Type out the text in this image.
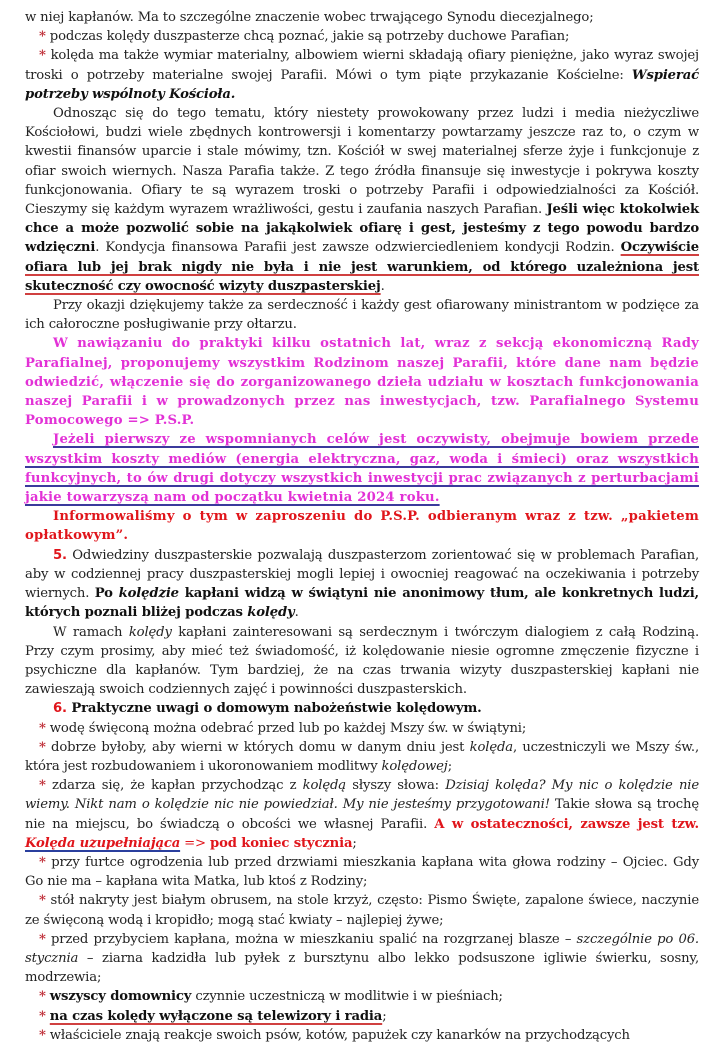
w niej kapłanów. Ma to szczególne znaczenie wobec trwającego Synodu diecezjalnego;

* podczas kolędy duszpasterze chcą poznać, jakie są potrzeby duchowe Parafian;

* kolęda ma także wymiar materialny, albowiem wierni składają ofiary pieniężne, jako wyraz swojej troski o potrzeby materialne swojej Parafii. Mówi o tym piąte przykazanie Kościelne: Wspierać potrzeby wspólnoty Kościoła.

Odnosząc się do tego tematu, który niestety prowokowany przez ludzi i media nieżyczliwe Kościołowi, budzi wiele zbędnych kontrowersji i komentarzy powtarzamy jeszcze raz to, o czym w kwestii finansów uparcie i stale mówimy, tzn. Kościół w swej materialnej sferze żyje i funkcjonuje z ofiar swoich wiernych. Nasza Parafia także. Z tego źródła finansuje się inwestycje i pokrywa koszty funkcjonowania. Ofiary te są wyrazem troski o potrzeby Parafii i odpowiedzialności za Kościół. Cieszymy się każdym wyrazem wrażliwości, gestu i zaufania naszych Parafian. Jeśli więc ktokolwiek chce a może pozwolić sobie na jakąkolwiek ofiarę i gest, jesteśmy z tego powodu bardzo wdzięczni. Kondycja finansowa Parafii jest zawsze odzwierciedleniem kondycji Rodzin. Oczywiście ofiara lub jej brak nigdy nie była i nie jest warunkiem, od którego uzależniona jest skuteczność czy owocność wizyty duszpasterskiej.

Przy okazji dziękujemy także za serdeczność i każdy gest ofiarowany ministrantom w podzięce za ich całoroczne posługiwanie przy ołtarzu.

W nawiązaniu do praktyki kilku ostatnich lat, wraz z sekcją ekonomiczną Rady Parafialnej, proponujemy wszystkim Rodzinom naszej Parafii, które dane nam będzie odwiedzić, włączenie się do zorganizowanego dzieła udziału w kosztach funkcjonowania naszej Parafii i w prowadzonych przez nas inwestycjach, tzw. Parafialnego Systemu Pomocowego => P.S.P.

Jeżeli pierwszy ze wspomnianych celów jest oczywisty, obejmuje bowiem przede wszystkim koszty mediów (energia elektryczna, gaz, woda i śmieci) oraz wszystkich funkcyjnych, to ów drugi dotyczy wszystkich inwestycji prac związanych z perturbacjami jakie towarzyszą nam od początku kwietnia 2024 roku.

Informowaliśmy o tym w zaproszeniu do P.S.P. odbieranym wraz z tzw. „pakietem opłatkowym”.

5. Odwiedziny duszpasterskie pozwalają duszpasterzom zorientować się w problemach Parafian, aby w codziennej pracy duszpasterskiej mogli lepiej i owocniej reagować na oczekiwania i potrzeby wiernych. Po kolędzie kapłani widzą w świątyni nie anonimowy tłum, ale konkretnych ludzi, których poznali bliżej podczas kolędy.

W ramach kolędy kapłani zainteresowani są serdecznym i twórczym dialogiem z całą Rodziną. Przy czym prosimy, aby mieć też świadomość, iż kolędowanie niesie ogromne zmęczenie fizyczne i psychiczne dla kapłanów. Tym bardziej, że na czas trwania wizyty duszpasterskiej kapłani nie zawieszają swoich codziennych zajęć i powinności duszpasterskich.

6. Praktyczne uwagi o domowym nabożeństwie kolędowym.

* wodę święconą można odebrać przed lub po każdej Mszy św. w świątyni;

* dobrze byłoby, aby wierni w których domu w danym dniu jest kolęda, uczestniczyli we Mszy św., która jest rozbudowaniem i ukoronowaniem modlitwy kolędowej;

* zdarza się, że kapłan przychodząc z kolędą słyszy słowa: Dzisiaj kolęda? My nic o kolędzie nie wiemy. Nikt nam o kolędzie nic nie powiedział. My nie jesteśmy przygotowani! Takie słowa są trochę nie na miejscu, bo świadczą o obcości we własnej Parafii. A w ostateczności, zawsze jest tzw. Kolęda uzupełniająca => pod koniec stycznia;

* przy furtce ogrodzenia lub przed drzwiami mieszkania kapłana wita głowa rodziny – Ojciec. Gdy Go nie ma – kapłana wita Matka, lub ktoś z Rodziny;

* stół nakryty jest białym obrusem, na stole krzyż, często: Pismo Święte, zapalone świece, naczynie ze święconą wodą i kropidło; mogą stać kwiaty – najlepiej żywe;

* przed przybyciem kapłana, można w mieszkaniu spalić na rozgrzanej blasze – szczególnie po 06. stycznia – ziarna kadzidła lub pyłek z bursztynu albo lekko podsuszone igliwie świerku, sosny, modrzewia;

* wszyscy domownicy czynnie uczestniczą w modlitwie i w pieśniach;

* na czas kolędy wyłączone są telewizory i radia;

* właściciele znają reakcje swoich psów, kotów, papużek czy kanarków na przychodzących
